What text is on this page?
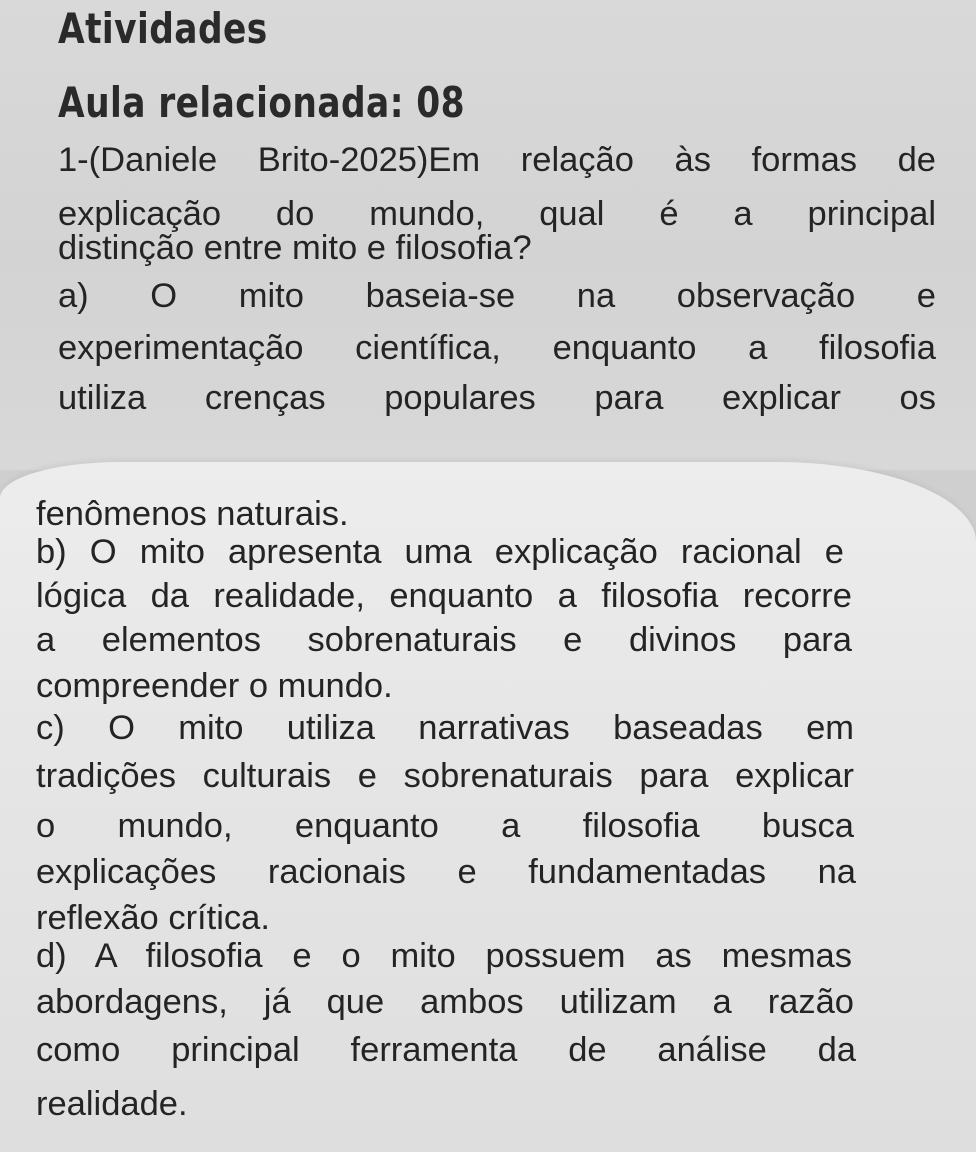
Atividades
Aula relacionada: 08

1-(Daniele Brito-2025)Em relação às formas de

explicação do mundo, qual é a principal

distinção entre mito e filosofia?

a) O mito baseia-se na observação e

experimentação científica, enquanto a filosofia

utiliza crenças populares para explicar os

fenômenos naturais.

b) O mito apresenta uma explicação racional e

lógica da realidade, enquanto a filosofia recorre

a elementos sobrenaturais e divinos para

compreender o mundo.

c) O mito utiliza narrativas baseadas em

tradições culturais e sobrenaturais para explicar

o mundo, enquanto a filosofia busca

explicações racionais e fundamentadas na

reflexão crítica.

d) A filosofia e o mito possuem as mesmas

abordagens, já que ambos utilizam a razão

como principal ferramenta de análise da

realidade.
